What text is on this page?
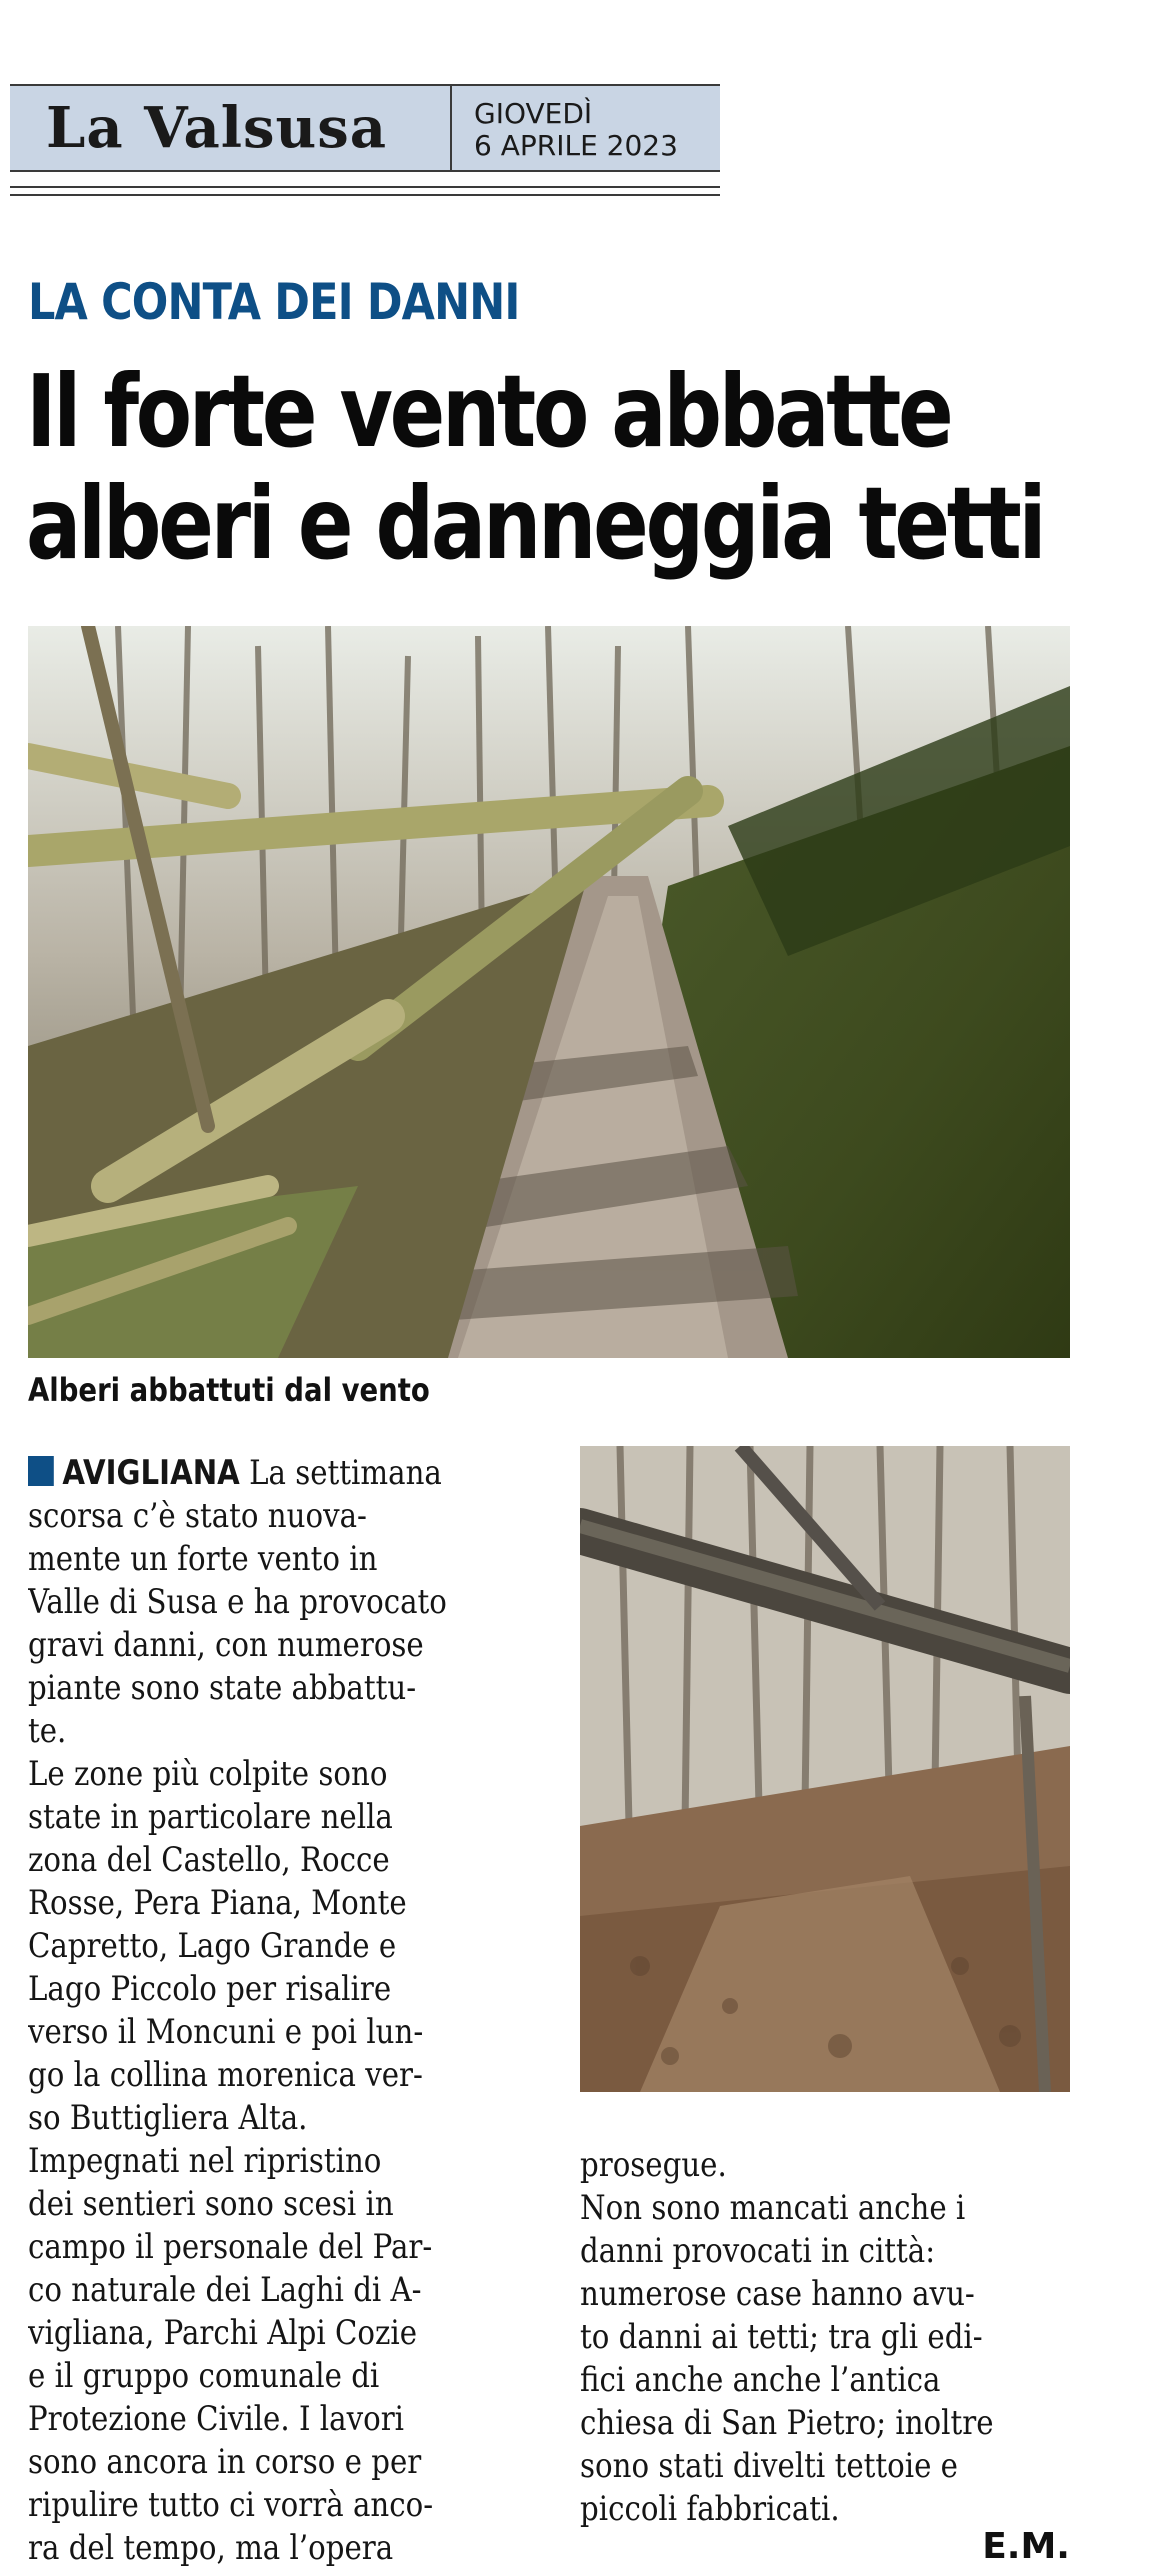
La Valsusa	GIOVEDÌ
6 APRILE 2023
LA CONTA DEI DANNI
Il forte vento abbatte
alberi e danneggia tetti
Alberi abbattuti dal vento

AVIGLIANA La settimana

scorsa c’è stato nuova-

mente un forte vento in

Valle di Susa e ha provocato

gravi danni, con numerose

piante sono state abbattu-

te.

Le zone più colpite sono

state in particolare nella

zona del Castello, Rocce

Rosse, Pera Piana, Monte

Capretto, Lago Grande e

Lago Piccolo per risalire

verso il Moncuni e poi lun-

go la collina morenica ver-

so Buttigliera Alta.

Impegnati nel ripristino

dei sentieri sono scesi in

campo il personale del Par-

co naturale dei Laghi di A-

vigliana, Parchi Alpi Cozie

e il gruppo comunale di

Protezione Civile. I lavori

sono ancora in corso e per

ripulire tutto ci vorrà anco-

ra del tempo, ma l’opera

prosegue.

Non sono mancati anche i

danni provocati in città:

numerose case hanno avu-

to danni ai tetti; tra gli edi-

fici anche anche l’antica

chiesa di San Pietro; inoltre

sono stati divelti tettoie e

piccoli fabbricati.

E.M.
